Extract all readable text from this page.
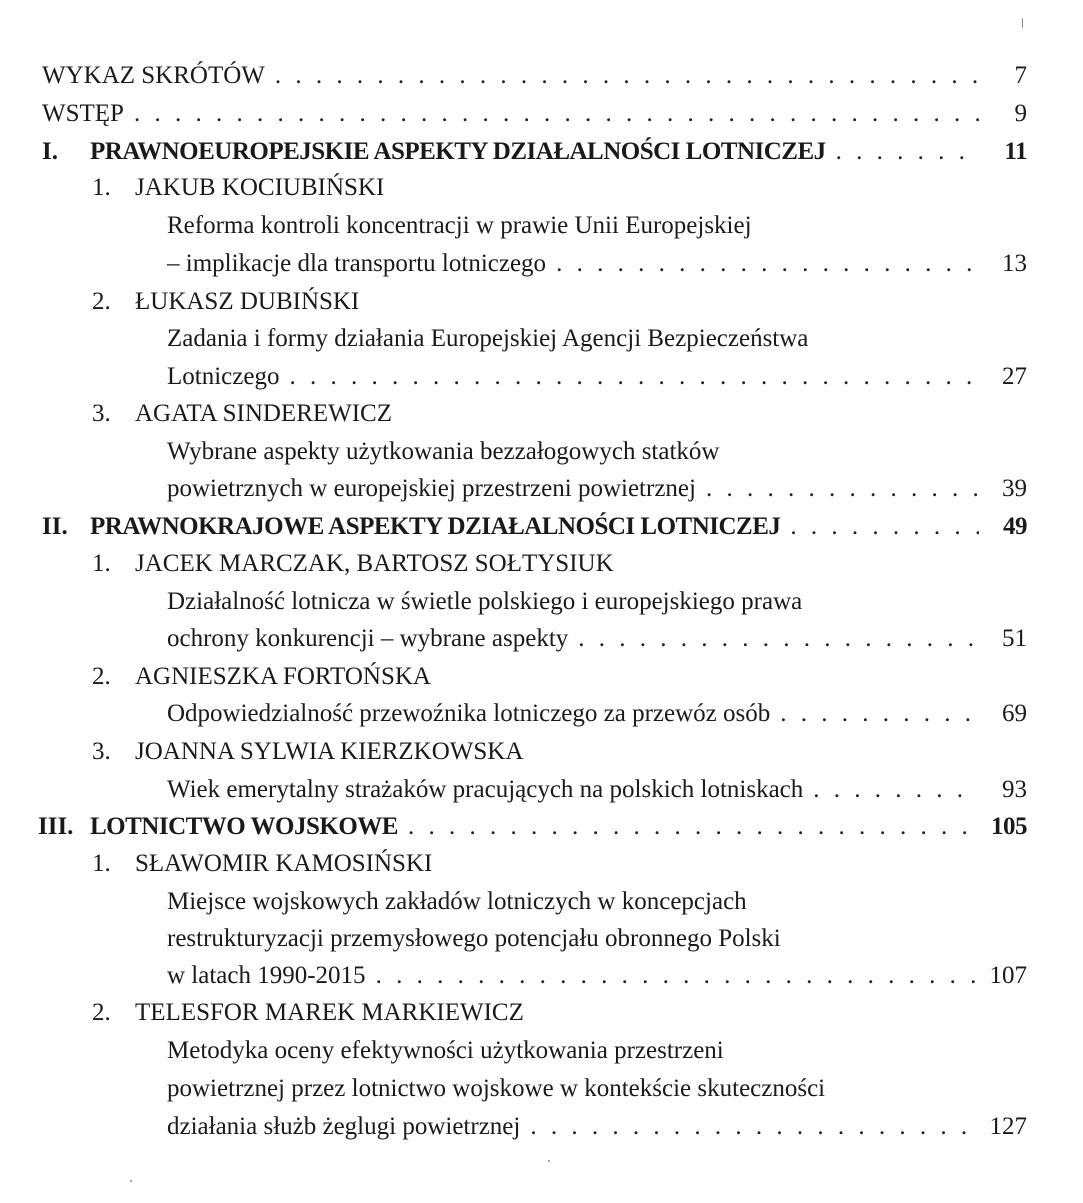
WYKAZ SKRÓTÓW . . .	7
WSTĘP . . .	9
I. PRAWNOEUROPEJSKIE ASPEKTY DZIAŁALNOŚCI LOTNICZEJ . . .	11
1. JAKUB KOCIUBIŃSKI
Reforma kontroli koncentracji w prawie Unii Europejskiej
– implikacje dla transportu lotniczego . . .	13
2. ŁUKASZ DUBIŃSKI
Zadania i formy działania Europejskiej Agencji Bezpieczeństwa
Lotniczego . . .	27
3. AGATA SINDEREWICZ
Wybrane aspekty użytkowania bezzałogowych statków
powietrznych w europejskiej przestrzeni powietrznej . . .	39
II. PRAWNOKRAJOWE ASPEKTY DZIAŁALNOŚCI LOTNICZEJ . . .	49
1. JACEK MARCZAK, BARTOSZ SOŁTYSIUK
Działalność lotnicza w świetle polskiego i europejskiego prawa
ochrony konkurencji – wybrane aspekty . . .	51
2. AGNIESZKA FORTOŃSKA
Odpowiedzialność przewoźnika lotniczego za przewóz osób . . .	69
3. JOANNA SYLWIA KIERZKOWSKA
Wiek emerytalny strażaków pracujących na polskich lotniskach . . .	93
III. LOTNICTWO WOJSKOWE . . .	105
1. SŁAWOMIR KAMOSIŃSKI
Miejsce wojskowych zakładów lotniczych w koncepcjach
restrukturyzacji przemysłowego potencjału obronnego Polski
w latach 1990-2015 . . .	107
2. TELESFOR MAREK MARKIEWICZ
Metodyka oceny efektywności użytkowania przestrzeni
powietrznej przez lotnictwo wojskowe w kontekście skuteczności
działania służb żeglugi powietrznej . . .	127
